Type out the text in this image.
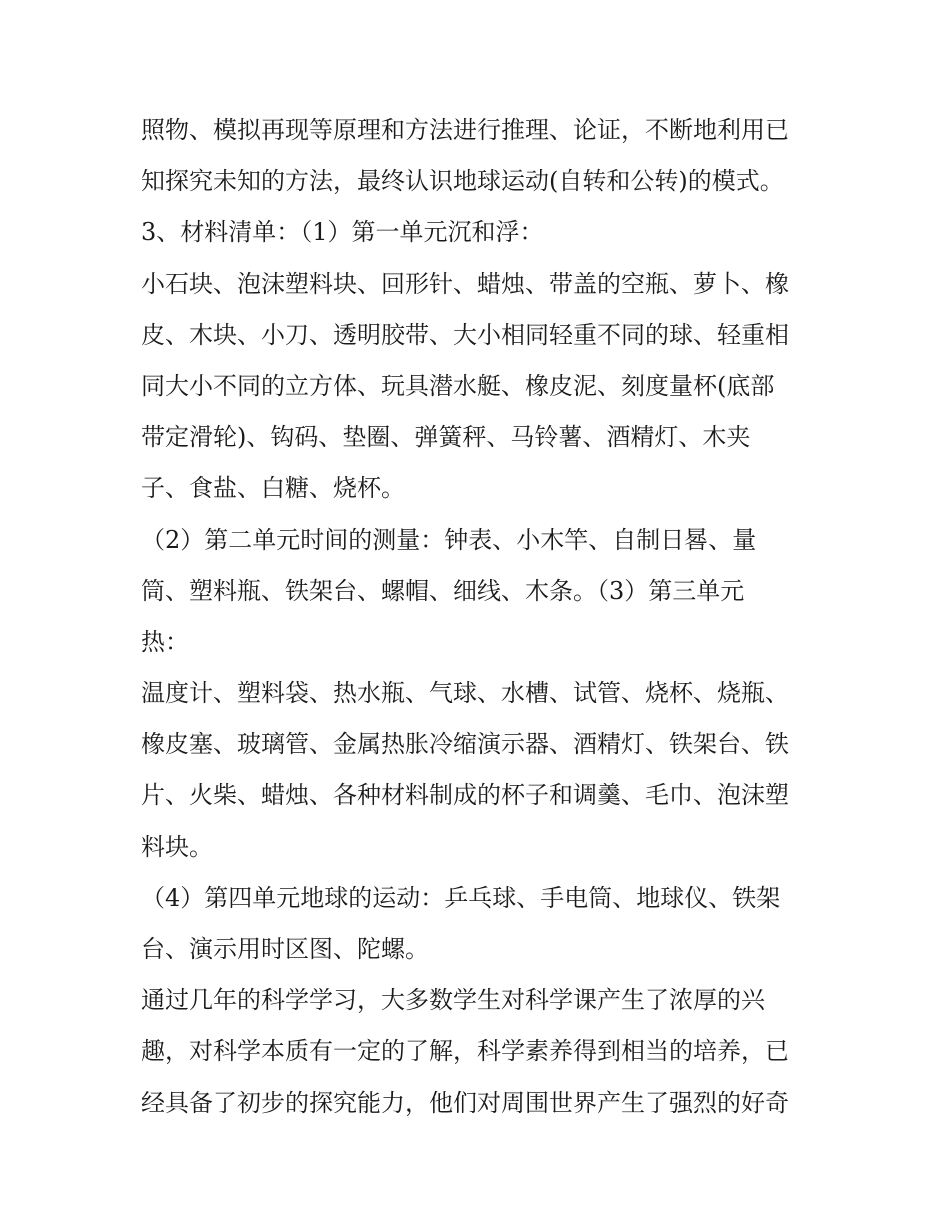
照物、模拟再现等原理和方法进行推理、论证，不断地利用已
知探究未知的方法，最终认识地球运动(自转和公转)的模式。
3、材料清单：（1）第一单元沉和浮：
小石块、泡沫塑料块、回形针、蜡烛、带盖的空瓶、萝卜、橡
皮、木块、小刀、透明胶带、大小相同轻重不同的球、轻重相
同大小不同的立方体、玩具潜水艇、橡皮泥、刻度量杯(底部
带定滑轮)、钩码、垫圈、弹簧秤、马铃薯、酒精灯、木夹
子、食盐、白糖、烧杯。
（2）第二单元时间的测量：钟表、小木竿、自制日晷、量
筒、塑料瓶、铁架台、螺帽、细线、木条。（3）第三单元
热：
温度计、塑料袋、热水瓶、气球、水槽、试管、烧杯、烧瓶、
橡皮塞、玻璃管、金属热胀冷缩演示器、酒精灯、铁架台、铁
片、火柴、蜡烛、各种材料制成的杯子和调羹、毛巾、泡沫塑
料块。
（4）第四单元地球的运动：乒乓球、手电筒、地球仪、铁架
台、演示用时区图、陀螺。
通过几年的科学学习，大多数学生对科学课产生了浓厚的兴
趣，对科学本质有一定的了解，科学素养得到相当的培养，已
经具备了初步的探究能力，他们对周围世界产生了强烈的好奇
